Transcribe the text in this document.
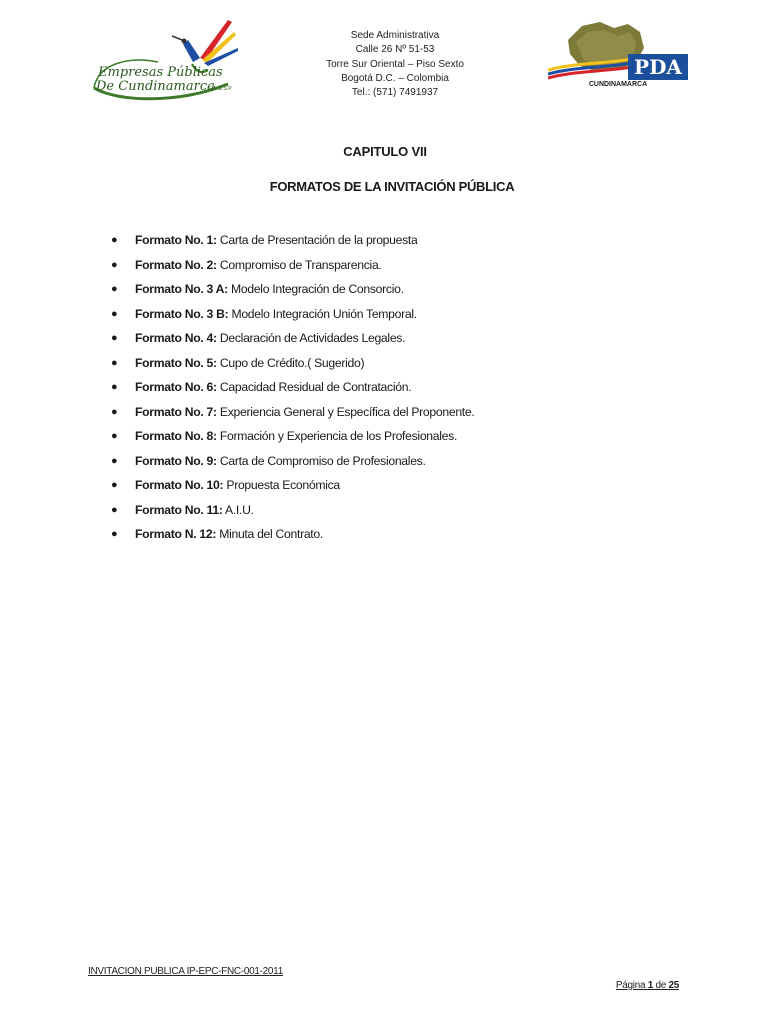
Empresas Públicas
De Cundinamarca
S.A. E.S.P
Sede Administrativa
Calle 26 Nº 51-53
Torre Sur Oriental – Piso Sexto
Bogotá D.C. – Colombia
Tel.: (571) 7491937
PDA
CUNDINAMARCA
CAPITULO VII
FORMATOS DE LA INVITACIÓN PÚBLICA
● Formato No. 1: Carta de Presentación de la propuesta
● Formato No. 2: Compromiso de Transparencia.
● Formato No. 3 A: Modelo Integración de Consorcio.
● Formato No. 3 B: Modelo Integración Unión Temporal.
● Formato No. 4: Declaración de Actividades Legales.
● Formato No. 5: Cupo de Crédito.( Sugerido)
● Formato No. 6: Capacidad Residual de Contratación.
● Formato No. 7: Experiencia General y Específica del Proponente.
● Formato No. 8: Formación y Experiencia de los Profesionales.
● Formato No. 9: Carta de Compromiso de Profesionales.
● Formato No. 10: Propuesta Económica
● Formato No. 11: A.I.U.
● Formato N. 12: Minuta del Contrato.
INVITACION PUBLICA IP-EPC-FNC-001-2011
Página 1 de 25
